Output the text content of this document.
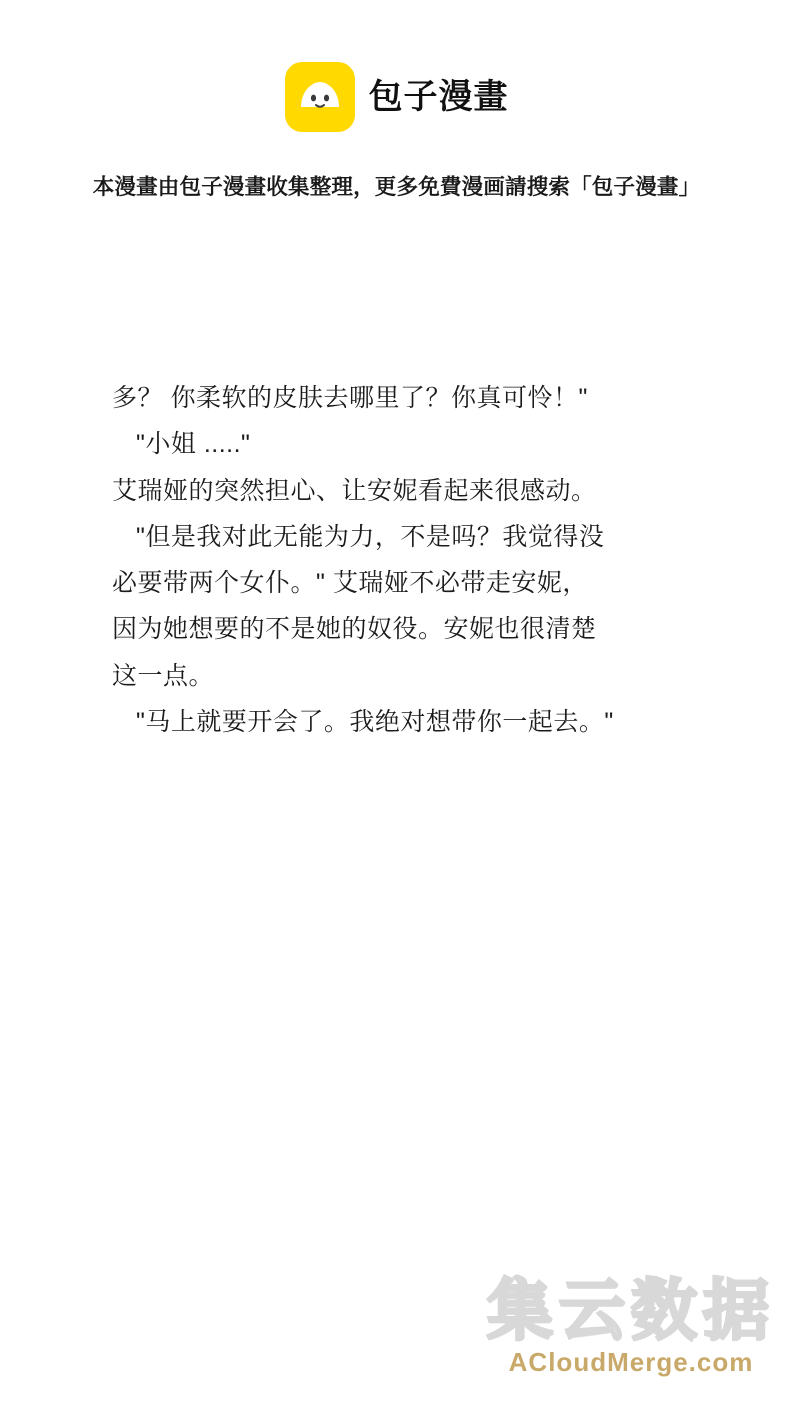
包子漫畫
本漫畫由包子漫畫收集整理，更多免費漫画請搜索「包子漫畫」
多？ 你柔软的皮肤去哪里了？你真可怜！"
"小姐 ....."
艾瑞娅的突然担心、让安妮看起来很感动。
"但是我对此无能为力，不是吗？我觉得没
必要带两个女仆。" 艾瑞娅不必带走安妮，
因为她想要的不是她的奴役。安妮也很清楚
这一点。
"马上就要开会了。我绝对想带你一起去。"
集云数据
ACloudMerge.com
